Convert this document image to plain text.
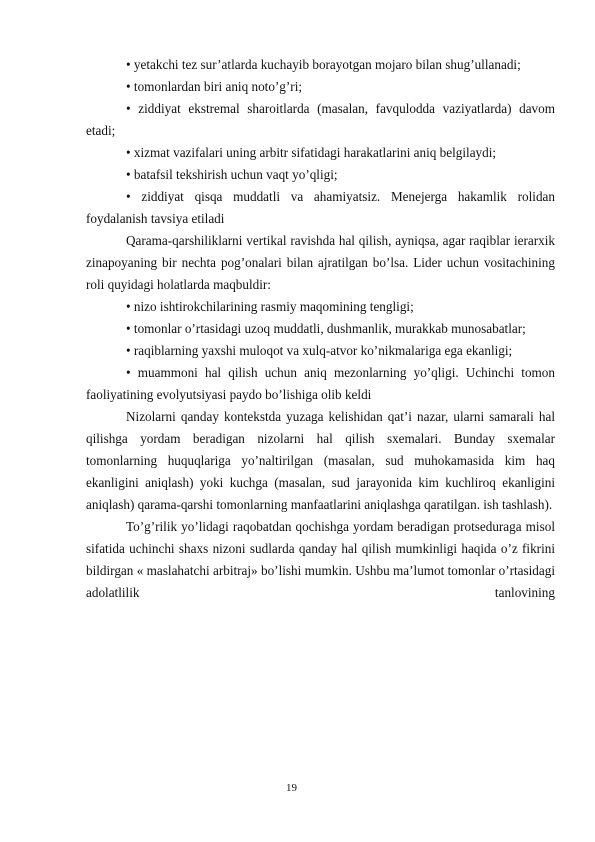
• yetakchi tez sur’atlarda kuchayib borayotgan mojaro bilan shug’ullanadi;

• tomonlardan biri aniq noto’g’ri;

• ziddiyat ekstremal sharoitlarda (masalan, favqulodda vaziyatlarda) davom etadi;

• xizmat vazifalari uning arbitr sifatidagi harakatlarini aniq belgilaydi;

• batafsil tekshirish uchun vaqt yo’qligi;

• ziddiyat qisqa muddatli va ahamiyatsiz. Menejerga hakamlik rolidan foydalanish tavsiya etiladi

Qarama-qarshiliklarni vertikal ravishda hal qilish, ayniqsa, agar raqiblar ierarxik zinapoyaning bir nechta pog’onalari bilan ajratilgan bo’lsa. Lider uchun vositachining roli quyidagi holatlarda maqbuldir:

• nizo ishtirokchilarining rasmiy maqomining tengligi;

• tomonlar o’rtasidagi uzoq muddatli, dushmanlik, murakkab munosabatlar;

• raqiblarning yaxshi muloqot va xulq-atvor ko’nikmalariga ega ekanligi;

• muammoni hal qilish uchun aniq mezonlarning yo’qligi. Uchinchi tomon faoliyatining evolyutsiyasi paydo bo’lishiga olib keldi

Nizolarni qanday kontekstda yuzaga kelishidan qat’i nazar, ularni samarali hal qilishga yordam beradigan nizolarni hal qilish sxemalari. Bunday sxemalar tomonlarning huquqlariga yo’naltirilgan (masalan, sud muhokamasida kim haq ekanligini aniqlash) yoki kuchga (masalan, sud jarayonida kim kuchliroq ekanligini aniqlash) qarama-qarshi tomonlarning manfaatlarini aniqlashga qaratilgan. ish tashlash).

To’g’rilik yo’lidagi raqobatdan qochishga yordam beradigan protseduraga misol sifatida uchinchi shaxs nizoni sudlarda qanday hal qilish mumkinligi haqida o’z fikrini bildirgan « maslahatchi arbitraj» bo’lishi mumkin. Ushbu ma’lumot tomonlar o’rtasidagi adolatlilik tanlovining

19
